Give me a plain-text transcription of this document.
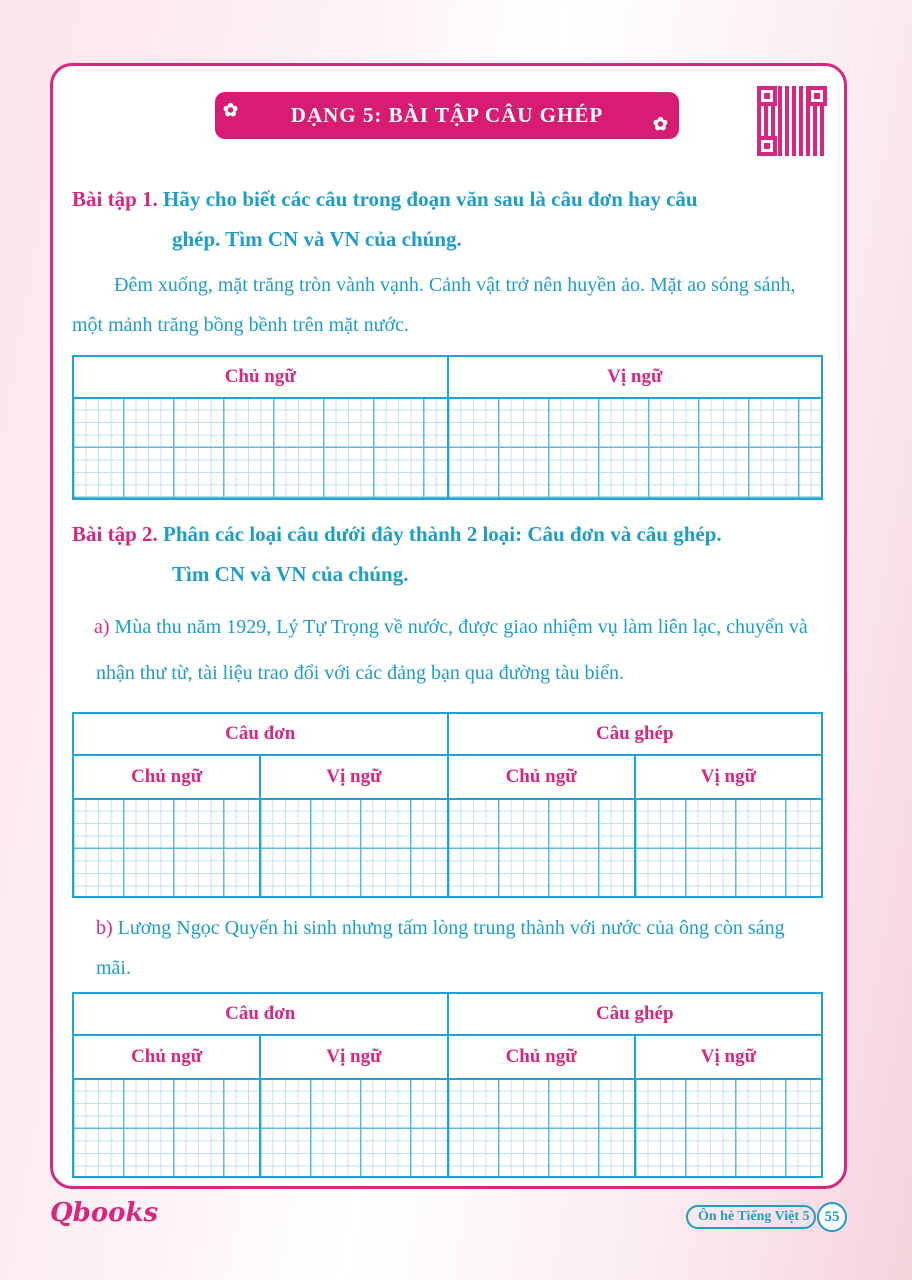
✿ DẠNG 5: BÀI TẬP CÂU GHÉP	✿
Bài tập 1. Hãy cho biết các câu trong đoạn văn sau là câu đơn hay câu
ghép. Tìm CN và VN của chúng.
Đêm xuống, mặt trăng tròn vành vạnh. Cảnh vật trở nên huyền ảo. Mặt ao sóng sánh, một mảnh trăng bồng bềnh trên mặt nước.
Chủ ngữ	Vị ngữ

Bài tập 2. Phân các loại câu dưới đây thành 2 loại: Câu đơn và câu ghép.
Tìm CN và VN của chúng.
a) Mùa thu năm 1929, Lý Tự Trọng về nước, được giao nhiệm vụ làm liên lạc, chuyển và nhận thư từ, tài liệu trao đổi với các đảng bạn qua đường tàu biển.
Câu đơn		Câu ghép	
Chủ ngữ	Vị ngữ	Chủ ngữ	Vị ngữ

b) Lương Ngọc Quyến hi sinh nhưng tấm lòng trung thành với nước của ông còn sáng mãi.
Câu đơn		Câu ghép	
Chủ ngữ	Vị ngữ	Chủ ngữ	Vị ngữ

Qbooks	Ôn hè Tiếng Việt 5 55
